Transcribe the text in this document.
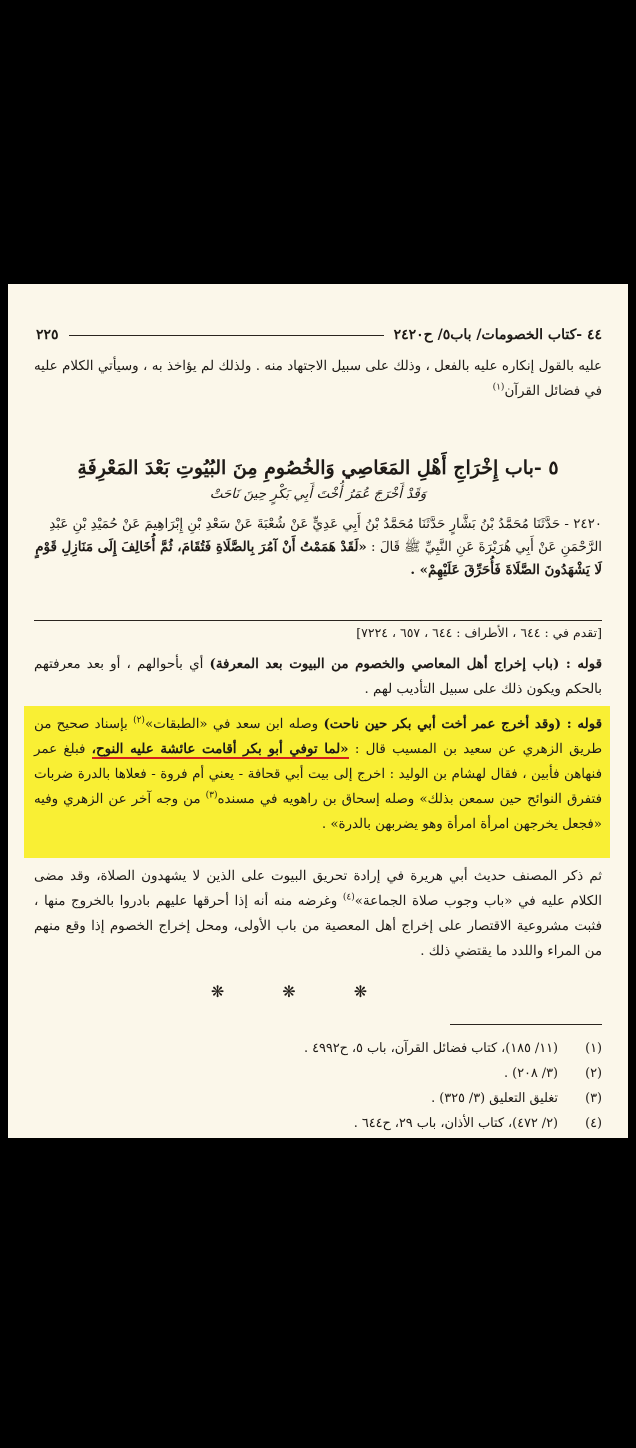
٤٤ -كتاب الخصومات/ باب٥/ ح٢٤٢٠
٢٢٥

عليه بالقول إنكاره عليه بالفعل ، وذلك على سبيل الاجتهاد منه . ولذلك لم يؤاخذ به ، وسيأتي الكلام عليه في فضائل القرآن$^{(١)}$

٥ -باب إِخْرَاجِ أَهْلِ المَعَاصِي وَالخُصُومِ مِنَ البُيُوتِ بَعْدَ المَعْرِفَةِ
وَقَدْ أَخْرَجَ عُمَرُ أُخْتَ أَبِي بَكْرٍ حِينَ نَاحَتْ
٢٤٢٠ - حَدَّثَنَا مُحَمَّدُ بْنُ بَشَّارٍ حَدَّثَنَا مُحَمَّدُ بْنُ أَبِي عَدِيٍّ عَنْ شُعْبَةَ عَنْ سَعْدِ بْنِ إِبْرَاهِيمَ عَنْ حُمَيْدِ بْنِ عَبْدِ الرَّحْمَنِ عَنْ أَبِي هُرَيْرَةَ عَنِ النَّبِيِّ ﷺ قَالَ : «لَقَدْ هَمَمْتُ أَنْ آمُرَ بِالصَّلَاةِ فَتُقَامَ، ثُمَّ أُخَالِفَ إِلَى مَنَازِلِ قَوْمٍ لَا يَشْهَدُونَ الصَّلَاةَ فَأُحَرِّقَ عَلَيْهِمْ» .
[تقدم في : ٦٤٤ ، الأطراف : ٦٤٤ ، ٦٥٧ ، ٧٢٢٤]

قوله : (باب إخراج أهل المعاصي والخصوم من البيوت بعد المعرفة) أي بأحوالهم ، أو بعد معرفتهم بالحكم ويكون ذلك على سبيل التأديب لهم .

قوله : (وقد أخرج عمر أخت أبي بكر حين ناحت) وصله ابن سعد في «الطبقات»$^{(٢)}$ بإسناد صحيح من طريق الزهري عن سعيد بن المسيب قال : «لما توفي أبو بكر أقامت عائشة عليه النوح، فبلغ عمر فنهاهن فأبين ، فقال لهشام بن الوليد : اخرج إلى بيت أبي قحافة - يعني أم فروة - فعلاها بالدرة ضربات فتفرق النوائح حين سمعن بذلك» وصله إسحاق بن راهويه في مسنده$^{(٣)}$ من وجه آخر عن الزهري وفيه «فجعل يخرجهن امرأة امرأة وهو يضربهن بالدرة» .

ثم ذكر المصنف حديث أبي هريرة في إرادة تحريق البيوت على الذين لا يشهدون الصلاة، وقد مضى الكلام عليه في «باب وجوب صلاة الجماعة»$^{(٤)}$ وغرضه منه أنه إذا أحرقها عليهم بادروا بالخروج منها ، فثبت مشروعية الاقتصار على إخراج أهل المعصية من باب الأولى، ومحل إخراج الخصوم إذا وقع منهم من المراء واللدد ما يقتضي ذلك .

❋❋❋
(١)
(١١/ ١٨٥)، كتاب فضائل القرآن، باب ٥، ح٤٩٩٢ .
(٢)
(٣/ ٢٠٨) .
(٣)
تغليق التعليق (٣/ ٣٢٥) .
(٤)
(٢/ ٤٧٢)، كتاب الأذان، باب ٢٩، ح٦٤٤ .
